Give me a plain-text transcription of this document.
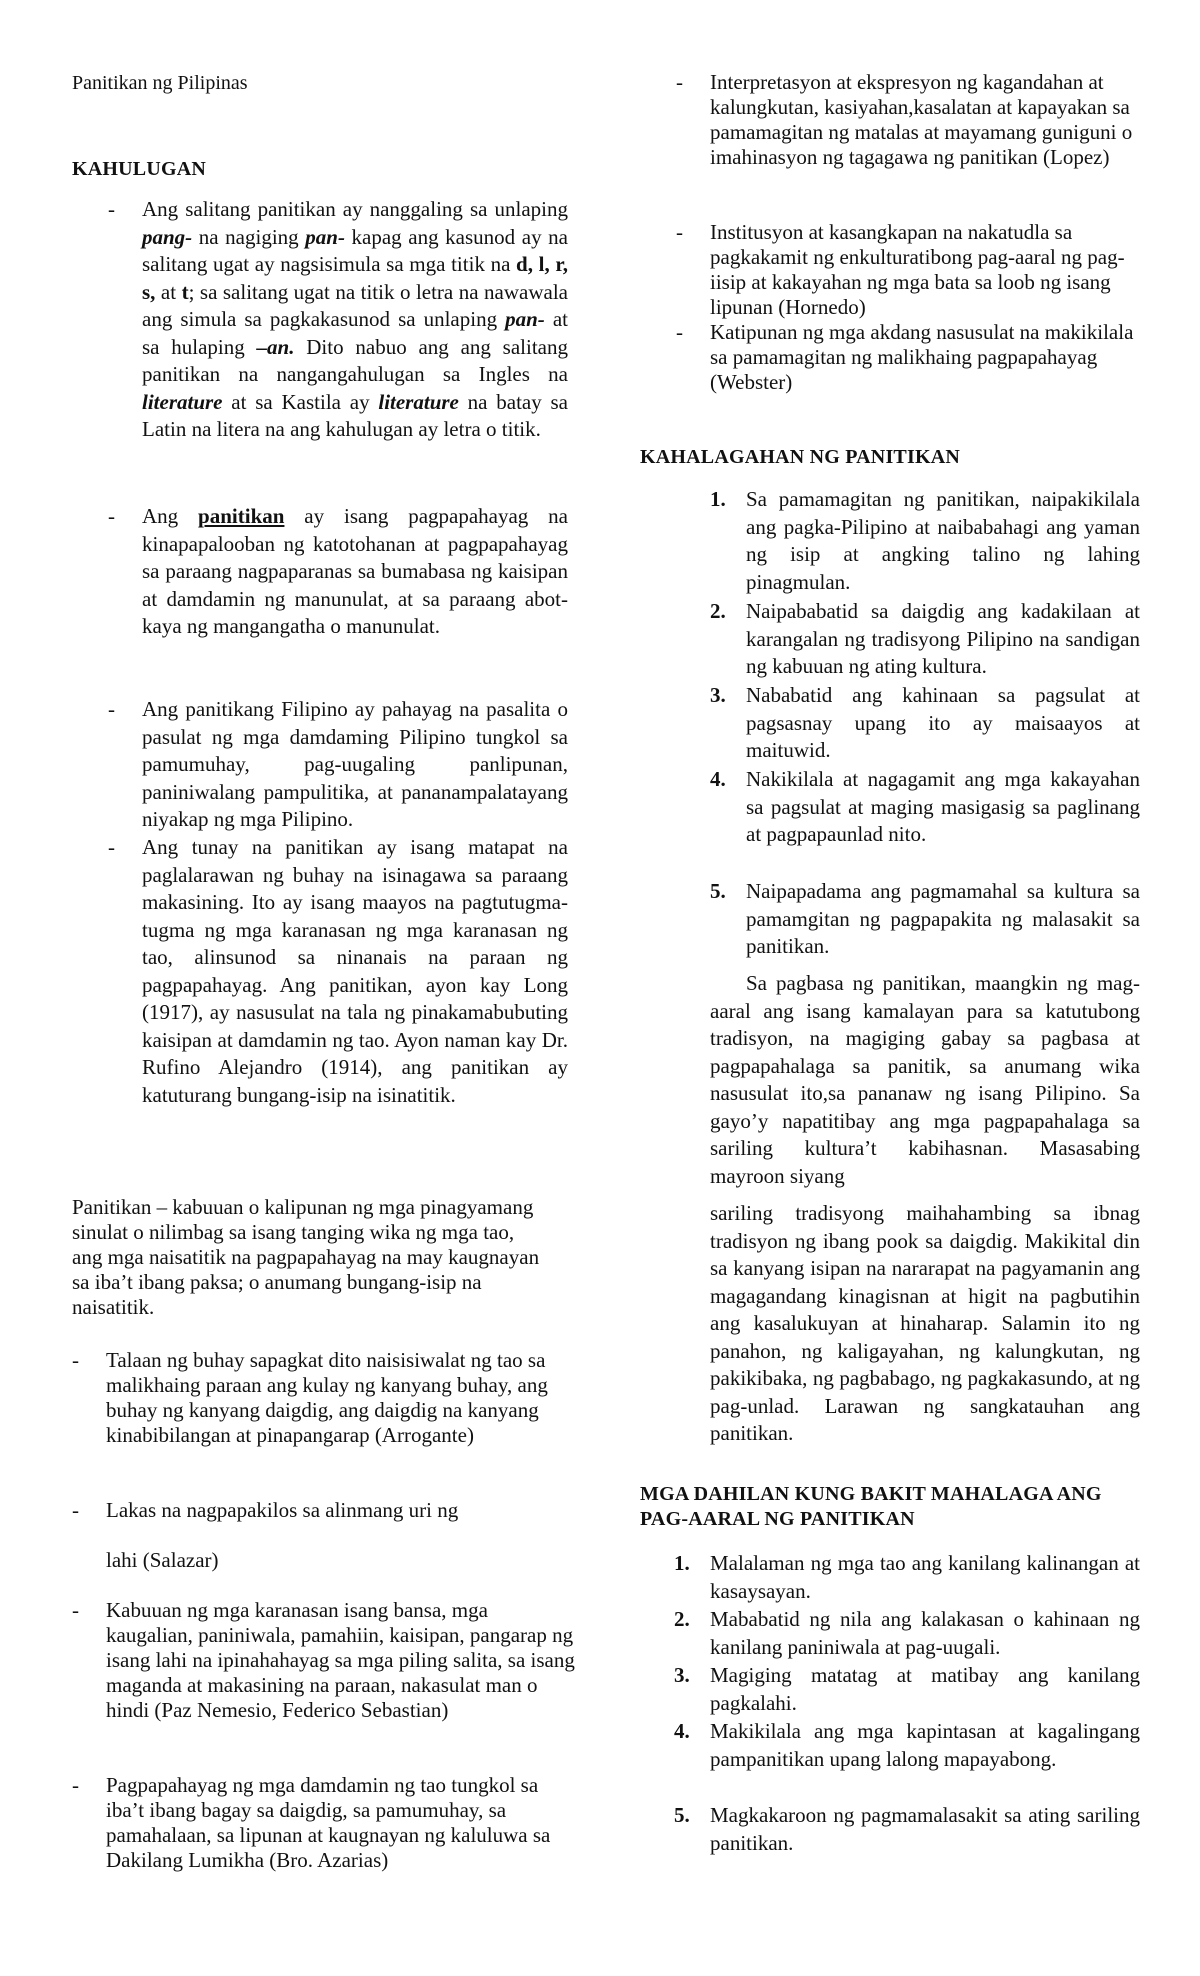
Panitikan ng Pilipinas
KAHULUGAN
- Ang salitang panitikan ay nanggaling sa unlaping pang- na nagiging pan- kapag ang kasunod ay na salitang ugat ay nagsisimula sa mga titik na d, l, r, s, at t; sa salitang ugat na titik o letra na nawawala ang simula sa pagkakasunod sa unlaping pan- at sa hulaping –an. Dito nabuo ang ang salitang panitikan na nangangahulugan sa Ingles na literature at sa Kastila ay literature na batay sa Latin na litera na ang kahulugan ay letra o titik.
- Ang panitikan ay isang pagpapahayag na kinapapalooban ng katotohanan at pagpapahayag sa paraang nagpaparanas sa bumabasa ng kaisipan at damdamin ng manunulat, at sa paraang abot-kaya ng mangangatha o manunulat.
- Ang panitikang Filipino ay pahayag na pasalita o pasulat ng mga damdaming Pilipino tungkol sa pamumuhay, pag-uugaling panlipunan, paniniwalang pampulitika, at pananampalatayang niyakap ng mga Pilipino.
- Ang tunay na panitikan ay isang matapat na paglalarawan ng buhay na isinagawa sa paraang makasining. Ito ay isang maayos na pagtutugma-tugma ng mga karanasan ng mga karanasan ng tao, alinsunod sa ninanais na paraan ng pagpapahayag. Ang panitikan, ayon kay Long (1917), ay nasusulat na tala ng pinakamabubuting kaisipan at damdamin ng tao. Ayon naman kay Dr. Rufino Alejandro (1914), ang panitikan ay katuturang bungang-isip na isinatitik.
Panitikan – kabuuan o kalipunan ng mga pinagyamang sinulat o nilimbag sa isang tanging wika ng mga tao, ang mga naisatitik na pagpapahayag na may kaugnayan sa iba’t ibang paksa; o anumang bungang-isip na naisatitik.
- Talaan ng buhay sapagkat dito naisisiwalat ng tao sa malikhaing paraan ang kulay ng kanyang buhay, ang buhay ng kanyang daigdig, ang daigdig na kanyang kinabibilangan at pinapangarap (Arrogante)
- Lakas na nagpapakilos sa alinmang uri ng
lahi (Salazar)
- Kabuuan ng mga karanasan isang bansa, mga kaugalian, paniniwala, pamahiin, kaisipan, pangarap ng isang lahi na ipinahahayag sa mga piling salita, sa isang maganda at makasining na paraan, nakasulat man o hindi (Paz Nemesio, Federico Sebastian)
- Pagpapahayag ng mga damdamin ng tao tungkol sa iba’t ibang bagay sa daigdig, sa pamumuhay, sa pamahalaan, sa lipunan at kaugnayan ng kaluluwa sa Dakilang Lumikha (Bro. Azarias)
- Interpretasyon at ekspresyon ng kagandahan at kalungkutan, kasiyahan,kasalatan at kapayakan sa pamamagitan ng matalas at mayamang guniguni o imahinasyon ng tagagawa ng panitikan (Lopez)
- Institusyon at kasangkapan na nakatudla sa pagkakamit ng enkulturatibong pag-aaral ng pag-iisip at kakayahan ng mga bata sa loob ng isang lipunan (Hornedo)
- Katipunan ng mga akdang nasusulat na makikilala sa pamamagitan ng malikhaing pagpapahayag (Webster)
KAHALAGAHAN NG PANITIKAN
1. Sa pamamagitan ng panitikan, naipakikilala ang pagka-Pilipino at naibabahagi ang yaman ng isip at angking talino ng lahing pinagmulan.
2. Naipababatid sa daigdig ang kadakilaan at karangalan ng tradisyong Pilipino na sandigan ng kabuuan ng ating kultura.
3. Nababatid ang kahinaan sa pagsulat at pagsasnay upang ito ay maisaayos at maituwid.
4. Nakikilala at nagagamit ang mga kakayahan sa pagsulat at maging masigasig sa paglinang at pagpapaunlad nito.
5. Naipapadama ang pagmamahal sa kultura sa pamamgitan ng pagpapakita ng malasakit sa panitikan.
Sa pagbasa ng panitikan, maangkin ng mag-aaral ang isang kamalayan para sa katutubong tradisyon, na magiging gabay sa pagbasa at pagpapahalaga sa panitik, sa anumang wika nasusulat ito,sa pananaw ng isang Pilipino. Sa gayo’y napatitibay ang mga pagpapahalaga sa sariling kultura’t kabihasnan. Masasabing mayroon siyang
sariling tradisyong maihahambing sa ibnag tradisyon ng ibang pook sa daigdig. Makikital din sa kanyang isipan na nararapat na pagyamanin ang magagandang kinagisnan at higit na pagbutihin ang kasalukuyan at hinaharap. Salamin ito ng panahon, ng kaligayahan, ng kalungkutan, ng pakikibaka, ng pagbabago, ng pagkakasundo, at ng pag-unlad. Larawan ng sangkatauhan ang panitikan.
MGA DAHILAN KUNG BAKIT MAHALAGA ANG PAG-AARAL NG PANITIKAN
1. Malalaman ng mga tao ang kanilang kalinangan at kasaysayan.
2. Mababatid ng nila ang kalakasan o kahinaan ng kanilang paniniwala at pag-uugali.
3. Magiging matatag at matibay ang kanilang pagkalahi.
4. Makikilala ang mga kapintasan at kagalingang pampanitikan upang lalong mapayabong.
5. Magkakaroon ng pagmamalasakit sa ating sariling panitikan.
